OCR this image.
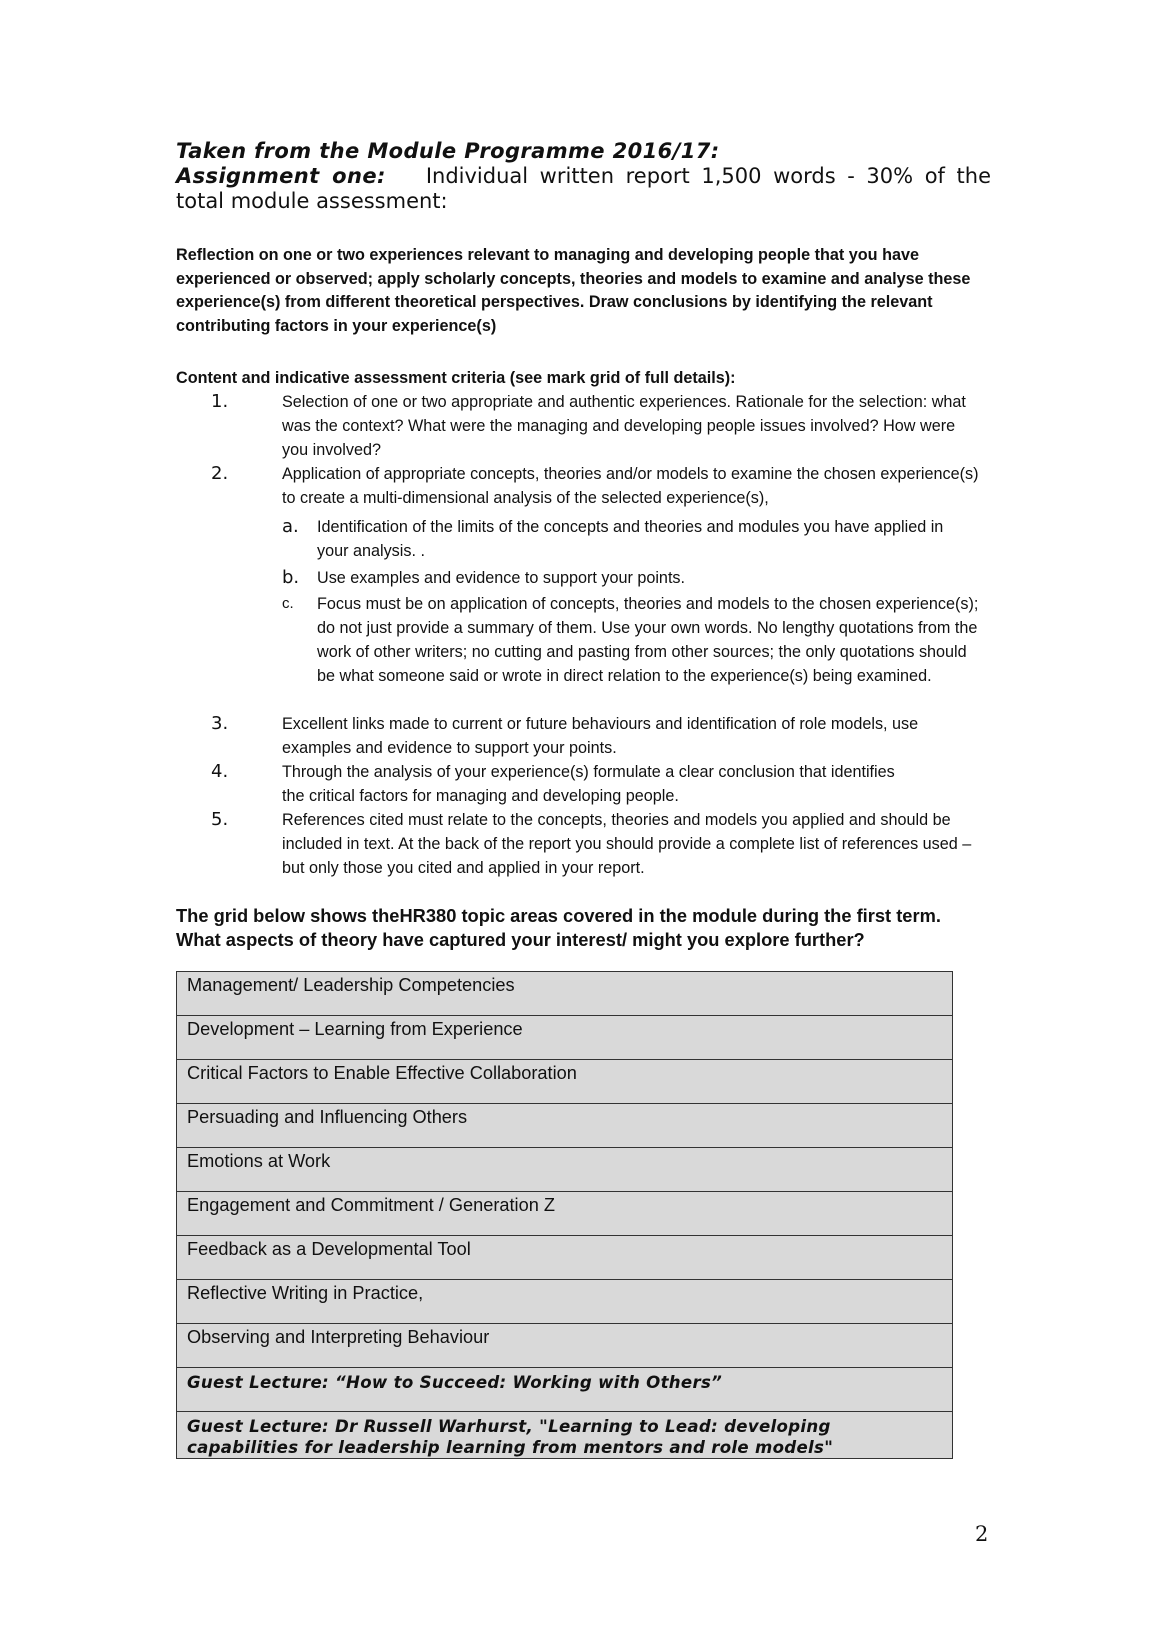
Taken from the Module Programme 2016/17:
Assignment one: Individual written report 1,500 words - 30% of the total module assessment:
Reflection on one or two experiences relevant to managing and developing people that you have experienced or observed; apply scholarly concepts, theories and models to examine and analyse these experience(s) from different theoretical perspectives. Draw conclusions by identifying the relevant contributing factors in your experience(s)
Content and indicative assessment criteria (see mark grid of full details):
1.	Selection of one or two appropriate and authentic experiences. Rationale for the selection: what was the context? What were the managing and developing people issues involved? How were you involved?
2.	Application of appropriate concepts, theories and/or models to examine the chosen experience(s) to create a multi-dimensional analysis of the selected experience(s),
a. Identification of the limits of the concepts and theories and modules you have applied in your analysis. .
b. Use examples and evidence to support your points.
c. Focus must be on application of concepts, theories and models to the chosen experience(s); do not just provide a summary of them. Use your own words. No lengthy quotations from the work of other writers; no cutting and pasting from other sources; the only quotations should be what someone said or wrote in direct relation to the experience(s) being examined.
3.	Excellent links made to current or future behaviours and identification of role models, use examples and evidence to support your points.
4.	Through the analysis of your experience(s) formulate a clear conclusion that identifies the critical factors for managing and developing people.
5.	References cited must relate to the concepts, theories and models you applied and should be included in text. At the back of the report you should provide a complete list of references used – but only those you cited and applied in your report.
The grid below shows theHR380 topic areas covered in the module during the first term. What aspects of theory have captured your interest/ might you explore further?
Management/ Leadership Competencies
Development – Learning from Experience
Critical Factors to Enable Effective Collaboration
Persuading and Influencing Others
Emotions at Work
Engagement and Commitment / Generation Z
Feedback as a Developmental Tool
Reflective Writing in Practice,
Observing and Interpreting Behaviour
Guest Lecture: “How to Succeed: Working with Others”
Guest Lecture: Dr Russell Warhurst, "Learning to Lead: developing capabilities for leadership learning from mentors and role models"
2
